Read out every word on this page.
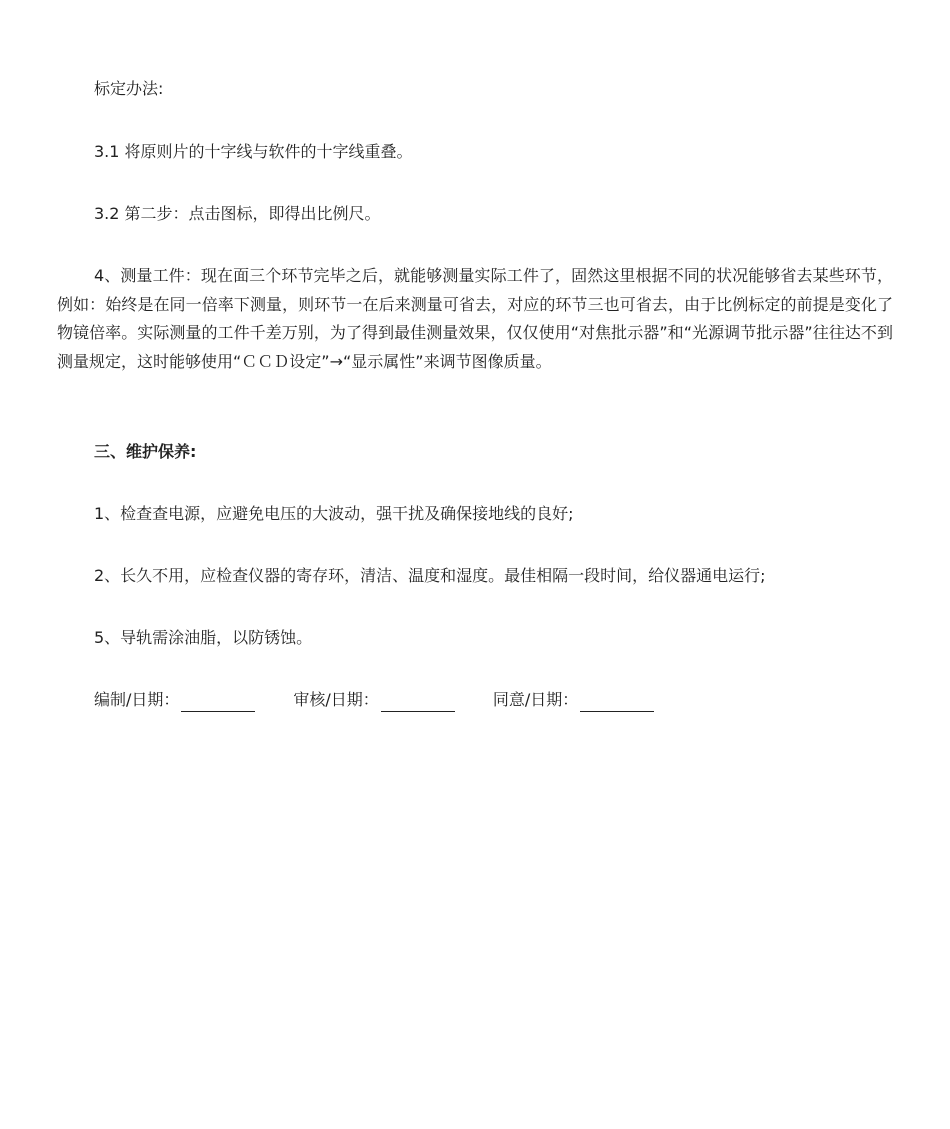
标定办法:
3.1 将原则片的十字线与软件的十字线重叠。
3.2 第二步：点击图标，即得出比例尺。
4、测量工件：现在面三个环节完毕之后，就能够测量实际工件了，固然这里根据不同的状况能够省去某些环节，例如：始终是在同一倍率下测量，则环节一在后来测量可省去，对应的环节三也可省去，由于比例标定的前提是变化了物镜倍率。实际测量的工件千差万别，为了得到最佳测量效果，仅仅使用“对焦批示器”和“光源调节批示器”往往达不到测量规定，这时能够使用“ＣＣＤ设定”→“显示属性”来调节图像质量。
三、维护保养:
1、检查查电源，应避免电压的大波动，强干扰及确保接地线的良好;
2、长久不用，应检查仪器的寄存环，清洁、温度和湿度。最佳相隔一段时间，给仪器通电运行;
5、导轨需涂油脂，以防锈蚀。
编制/日期：	审核/日期：	同意/日期：
